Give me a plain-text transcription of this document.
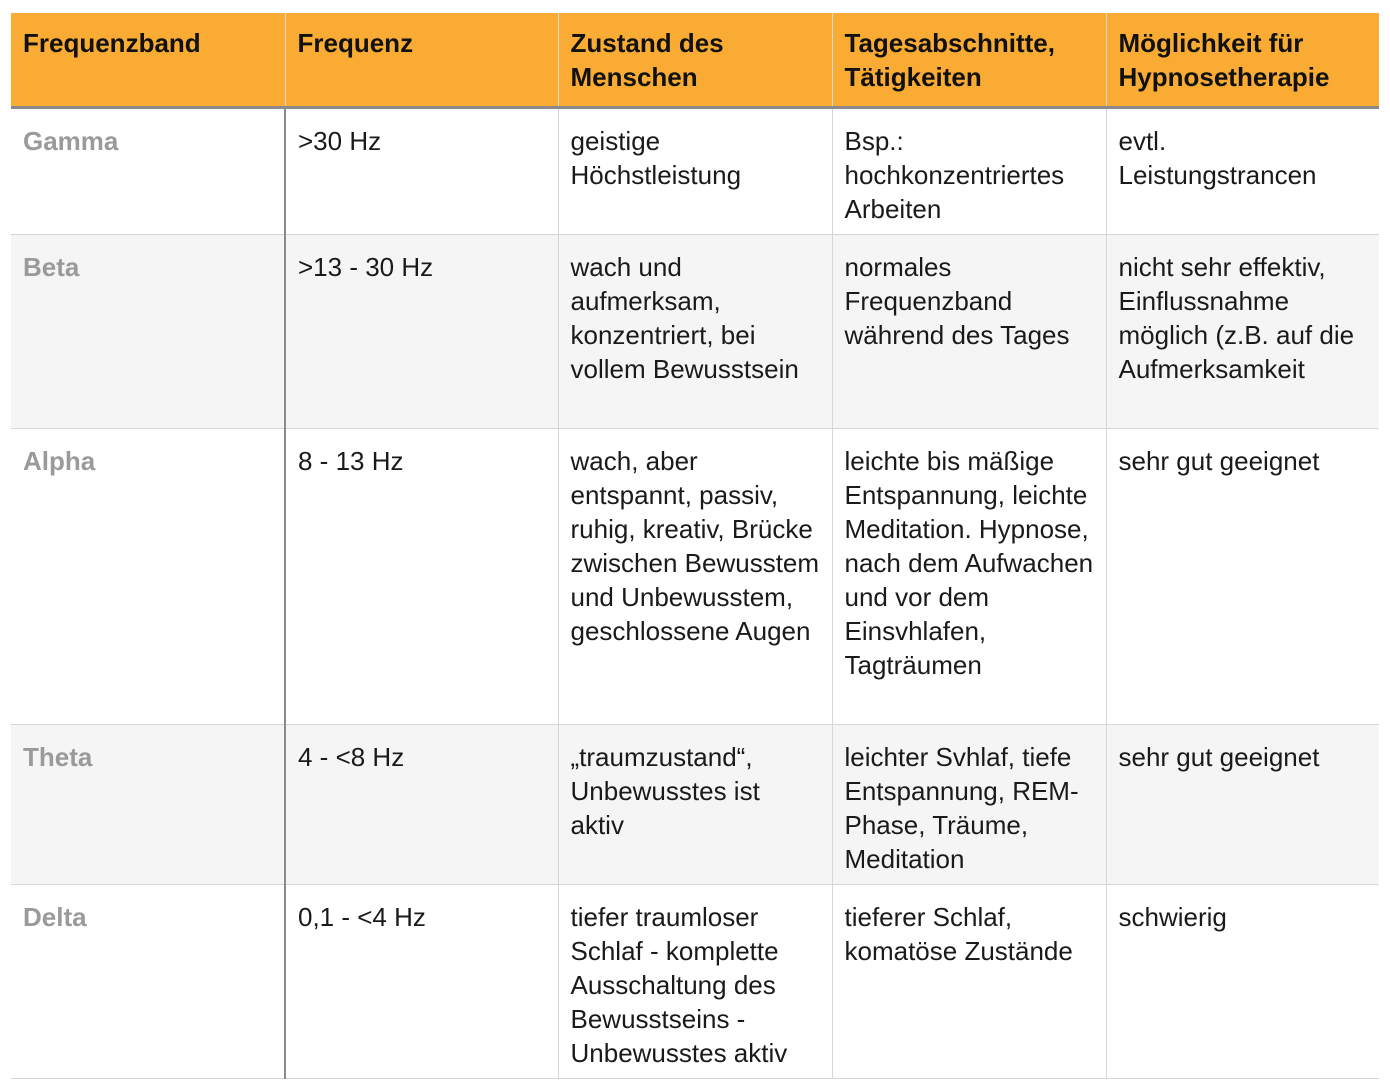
Frequenzband	Frequenz	Zustand des Menschen	Tagesabschnitte, Tätigkeiten	Möglichkeit für Hypnosetherapie
Gamma	>30 Hz	geistige Höchstleistung	Bsp.: hochkonzentriertes Arbeiten	evtl. Leistungstrancen
Beta	>13 - 30 Hz	wach und aufmerksam, konzentriert, bei vollem Bewusstsein	normales Frequenzband während des Tages	nicht sehr effektiv, Einflussnahme möglich (z.B. auf die Aufmerksamkeit
Alpha	8 - 13 Hz	wach, aber entspannt, passiv, ruhig, kreativ, Brücke zwischen Bewusstem und Unbewusstem, geschlossene Augen	leichte bis mäßige Entspannung, leichte Meditation. Hypnose, nach dem Aufwachen und vor dem Einsvhlafen, Tagträumen	sehr gut geeignet
Theta	4 - <8 Hz	„traumzustand“, Unbewusstes ist aktiv	leichter Svhlaf, tiefe Entspannung, REM-Phase, Träume, Meditation	sehr gut geeignet
Delta	0,1 - <4 Hz	tiefer traumloser Schlaf - komplette Ausschaltung des Bewusstseins - Unbewusstes aktiv	tieferer Schlaf, komatöse Zustände	schwierig
